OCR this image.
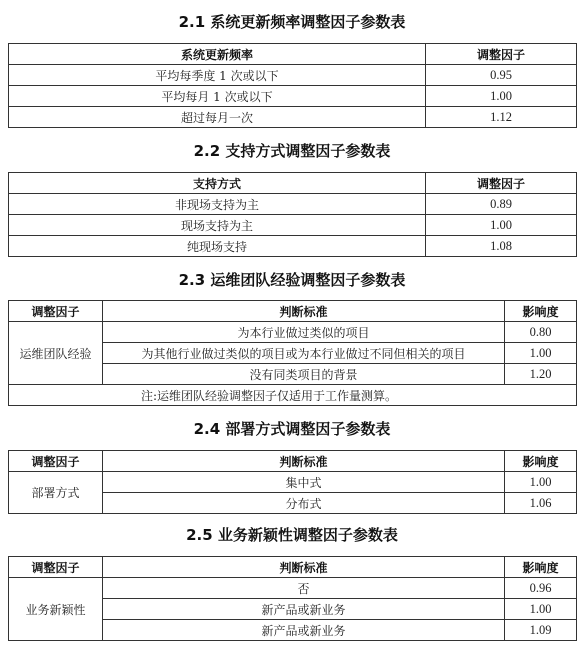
2.1 系统更新频率调整因子参数表
系统更新频率	调整因子
平均每季度 1 次或以下	0.95
平均每月 1 次或以下	1.00
超过每月一次	1.12
2.2 支持方式调整因子参数表
支持方式	调整因子
非现场支持为主	0.89
现场支持为主	1.00
纯现场支持	1.08
2.3 运维团队经验调整因子参数表
调整因子	判断标准	影响度
运维团队经验	为本行业做过类似的项目	0.80
	为其他行业做过类似的项目或为本行业做过不同但相关的项目	1.00
	没有同类项目的背景	1.20
注:运维团队经验调整因子仅适用于工作量测算。		
2.4 部署方式调整因子参数表
调整因子	判断标准	影响度
部署方式	集中式	1.00
	分布式	1.06
2.5 业务新颖性调整因子参数表
调整因子	判断标准	影响度
业务新颖性	否	0.96
	新产品或新业务	1.00
	新产品或新业务	1.09
